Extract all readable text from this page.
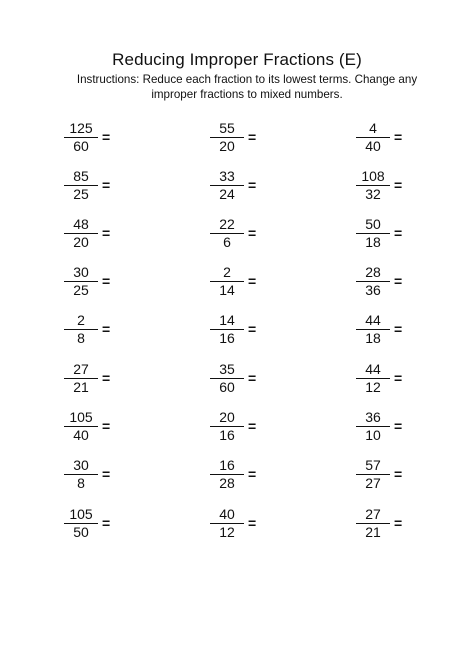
Reducing Improper Fractions (E)
Instructions: Reduce each fraction to its lowest terms. Change any
improper fractions to mixed numbers.
$\frac{125}{60}$ =
$\frac{85}{25}$ =
$\frac{48}{20}$ =
$\frac{30}{25}$ =
$\frac{2}{8}$ =
$\frac{27}{21}$ =
$\frac{105}{40}$ =
$\frac{30}{8}$ =
$\frac{105}{50}$ =
$\frac{55}{20}$ =
$\frac{33}{24}$ =
$\frac{22}{6}$ =
$\frac{2}{14}$ =
$\frac{14}{16}$ =
$\frac{35}{60}$ =
$\frac{20}{16}$ =
$\frac{16}{28}$ =
$\frac{40}{12}$ =
$\frac{4}{40}$ =
$\frac{108}{32}$ =
$\frac{50}{18}$ =
$\frac{28}{36}$ =
$\frac{44}{18}$ =
$\frac{44}{12}$ =
$\frac{36}{10}$ =
$\frac{57}{27}$ =
$\frac{27}{21}$ =
